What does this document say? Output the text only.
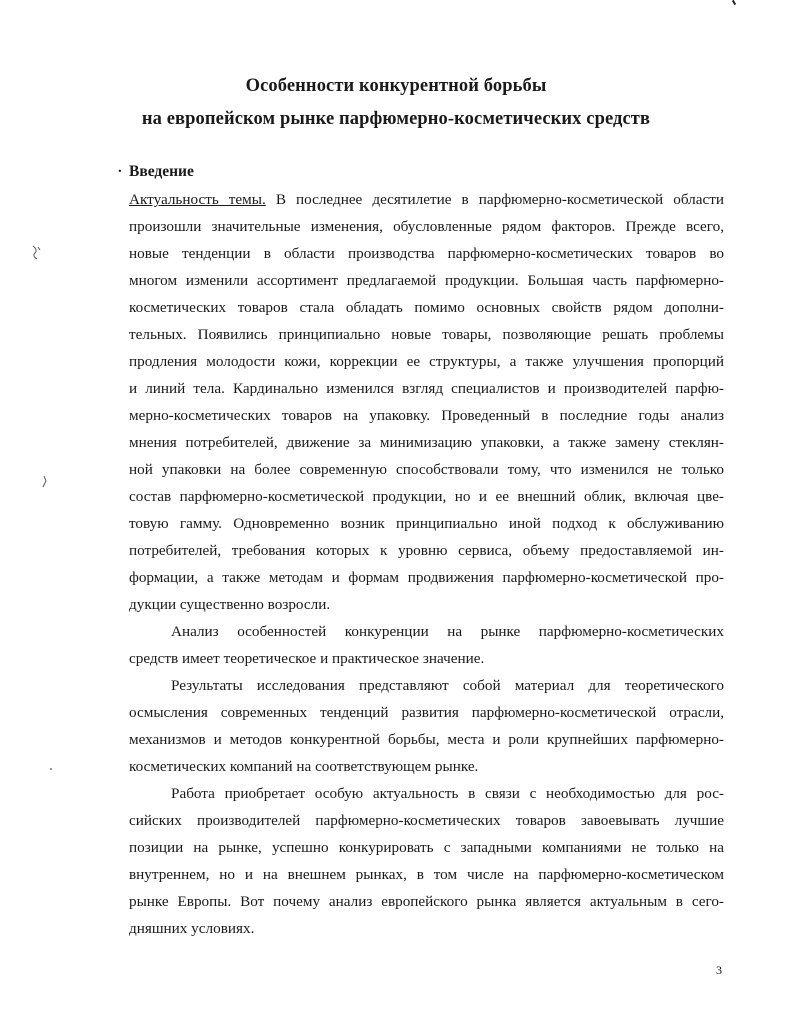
Особенности конкурентной борьбы
на европейском рынке парфюмерно-косметических средств
. Введение
Актуальность темы. В последнее десятилетие в парфюмерно-косметической области
произошли значительные изменения, обусловленные рядом факторов. Прежде всего,
новые тенденции в области производства парфюмерно-косметических товаров во
многом изменили ассортимент предлагаемой продукции. Большая часть парфюмерно-
косметических товаров стала обладать помимо основных свойств рядом дополни-
тельных. Появились принципиально новые товары, позволяющие решать проблемы
продления молодости кожи, коррекции ее структуры, а также улучшения пропорций
и линий тела. Кардинально изменился взгляд специалистов и производителей парфю-
мерно-косметических товаров на упаковку. Проведенный в последние годы анализ
мнения потребителей, движение за минимизацию упаковки, а также замену стеклян-
ной упаковки на более современную способствовали тому, что изменился не только
состав парфюмерно-косметической продукции, но и ее внешний облик, включая цве-
товую гамму. Одновременно возник принципиально иной подход к обслуживанию
потребителей, требования которых к уровню сервиса, объему предоставляемой ин-
формации, а также методам и формам продвижения парфюмерно-косметической про-
дукции существенно возросли.
Анализ особенностей конкуренции на рынке парфюмерно-косметических
средств имеет теоретическое и практическое значение.
Результаты исследования представляют собой материал для теоретического
осмысления современных тенденций развития парфюмерно-косметической отрасли,
механизмов и методов конкурентной борьбы, места и роли крупнейших парфюмерно-
косметических компаний на соответствующем рынке.
Работа приобретает особую актуальность в связи с необходимостью для рос-
сийских производителей парфюмерно-косметических товаров завоевывать лучшие
позиции на рынке, успешно конкурировать с западными компаниями не только на
внутреннем, но и на внешнем рынках, в том числе на парфюмерно-косметическом
рынке Европы. Вот почему анализ европейского рынка является актуальным в сего-
дняшних условиях.
3
